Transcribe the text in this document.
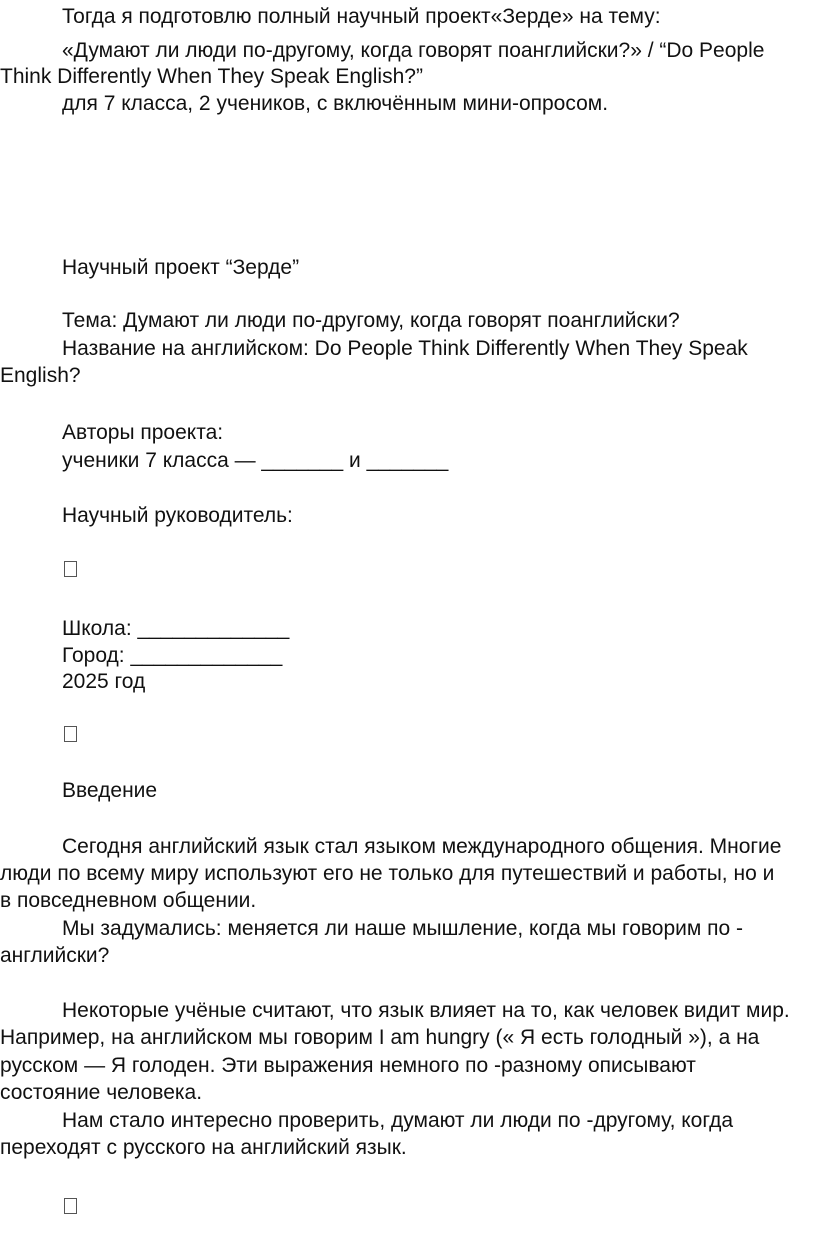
Тогда я подготовлю полный научный проект«Зерде» на тему:
«Думают ли люди по-другому, когда говорят поанглийски?» / “Do People
Think Differently When They Speak English?”
для 7 класса, 2 учеников, с включённым мини-опросом.
Научный проект “Зерде”
Тема: Думают ли люди по-другому, когда говорят поанглийски?
Название на английском: Do People Think Differently When They Speak
English?
Авторы проекта:
ученики 7 класса — _______ и _______
Научный руководитель:
Школа: _____________
Город: _____________
2025 год
Введение
Сегодня английский язык стал языком международного общения. Многие
люди по всему миру используют его не только для путешествий и работы, но и
в повседневном общении.
Мы задумались: меняется ли наше мышление, когда мы говорим по -
английски?
Некоторые учёные считают, что язык влияет на то, как человек видит мир.
Например, на английском мы говорим I am hungry (« Я есть голодный »), а на
русском — Я голоден. Эти выражения немного по -разному описывают
состояние человека.
Нам стало интересно проверить, думают ли люди по -другому, когда
переходят с русского на английский язык.
